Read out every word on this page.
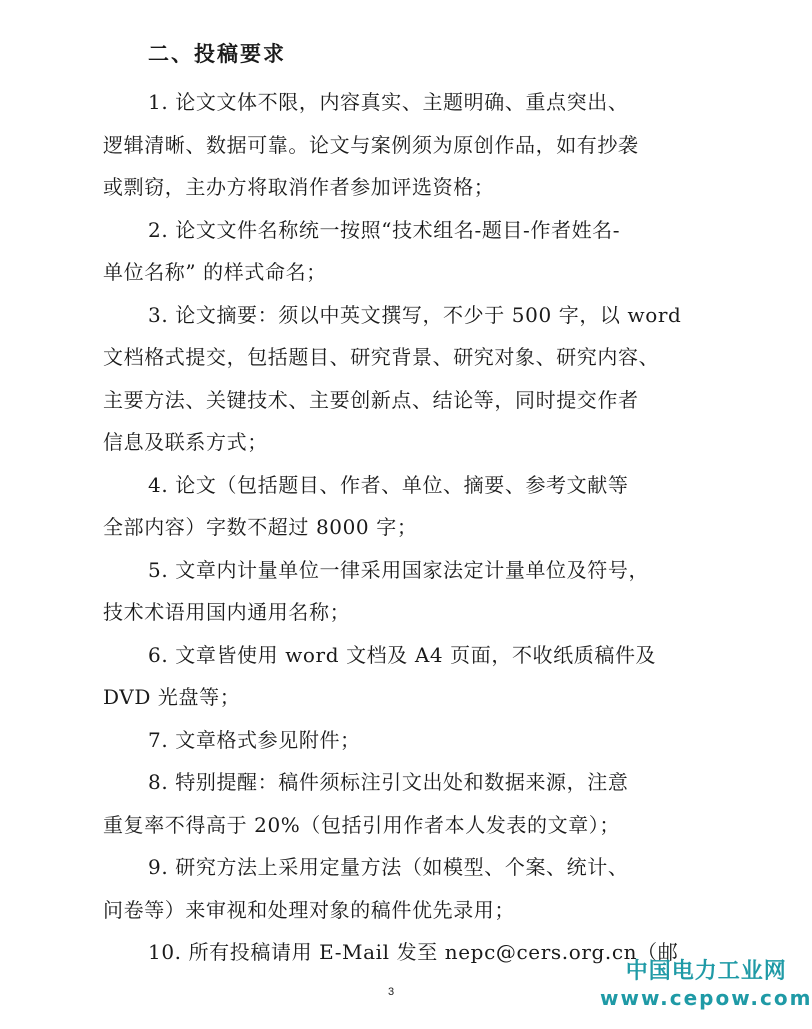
二、投稿要求
1. 论文文体不限，内容真实、主题明确、重点突出、
逻辑清晰、数据可靠。论文与案例须为原创作品，如有抄袭
或剽窃，主办方将取消作者参加评选资格；
2. 论文文件名称统一按照“技术组名-题目-作者姓名-
单位名称” 的样式命名；
3. 论文摘要：须以中英文撰写，不少于 500 字，以 word
文档格式提交，包括题目、研究背景、研究对象、研究内容、
主要方法、关键技术、主要创新点、结论等，同时提交作者
信息及联系方式；
4. 论文（包括题目、作者、单位、摘要、参考文献等
全部内容）字数不超过 8000 字；
5. 文章内计量单位一律采用国家法定计量单位及符号，
技术术语用国内通用名称；
6. 文章皆使用 word 文档及 A4 页面，不收纸质稿件及
DVD 光盘等；
7. 文章格式参见附件；
8. 特别提醒：稿件须标注引文出处和数据来源，注意
重复率不得高于 20%（包括引用作者本人发表的文章）；
9. 研究方法上采用定量方法（如模型、个案、统计、
问卷等）来审视和处理对象的稿件优先录用；
10. 所有投稿请用 E-Mail 发至 nepc@cers.org.cn（邮
3
中国电力工业网
www.cepow.com
